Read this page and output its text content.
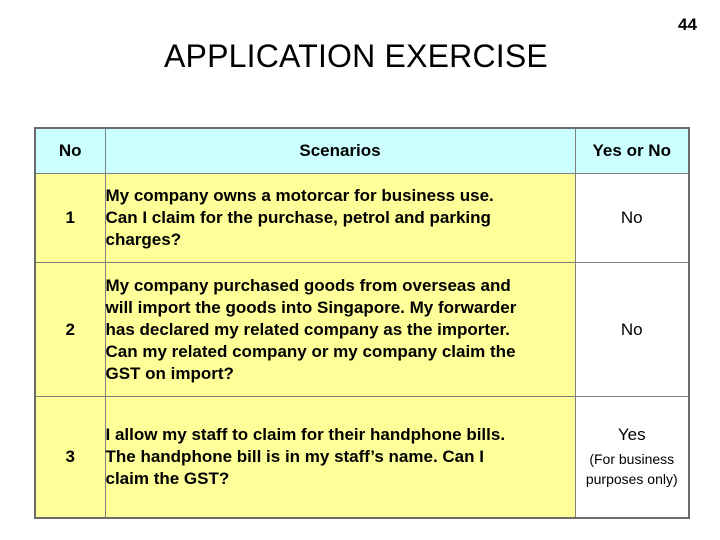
44
APPLICATION EXERCISE
No	Scenarios	Yes or No
1	My company owns a motorcar for business use.
Can I claim for the purchase, petrol and parking
charges?	No
2	My company purchased goods from overseas and
will import the goods into Singapore. My forwarder
has declared my related company as the importer.
Can my related company or my company claim the
GST on import?	No
3	I allow my staff to claim for their handphone bills.
The handphone bill is in my staff’s name. Can I
claim the GST?	Yes
(For business
purposes only)
